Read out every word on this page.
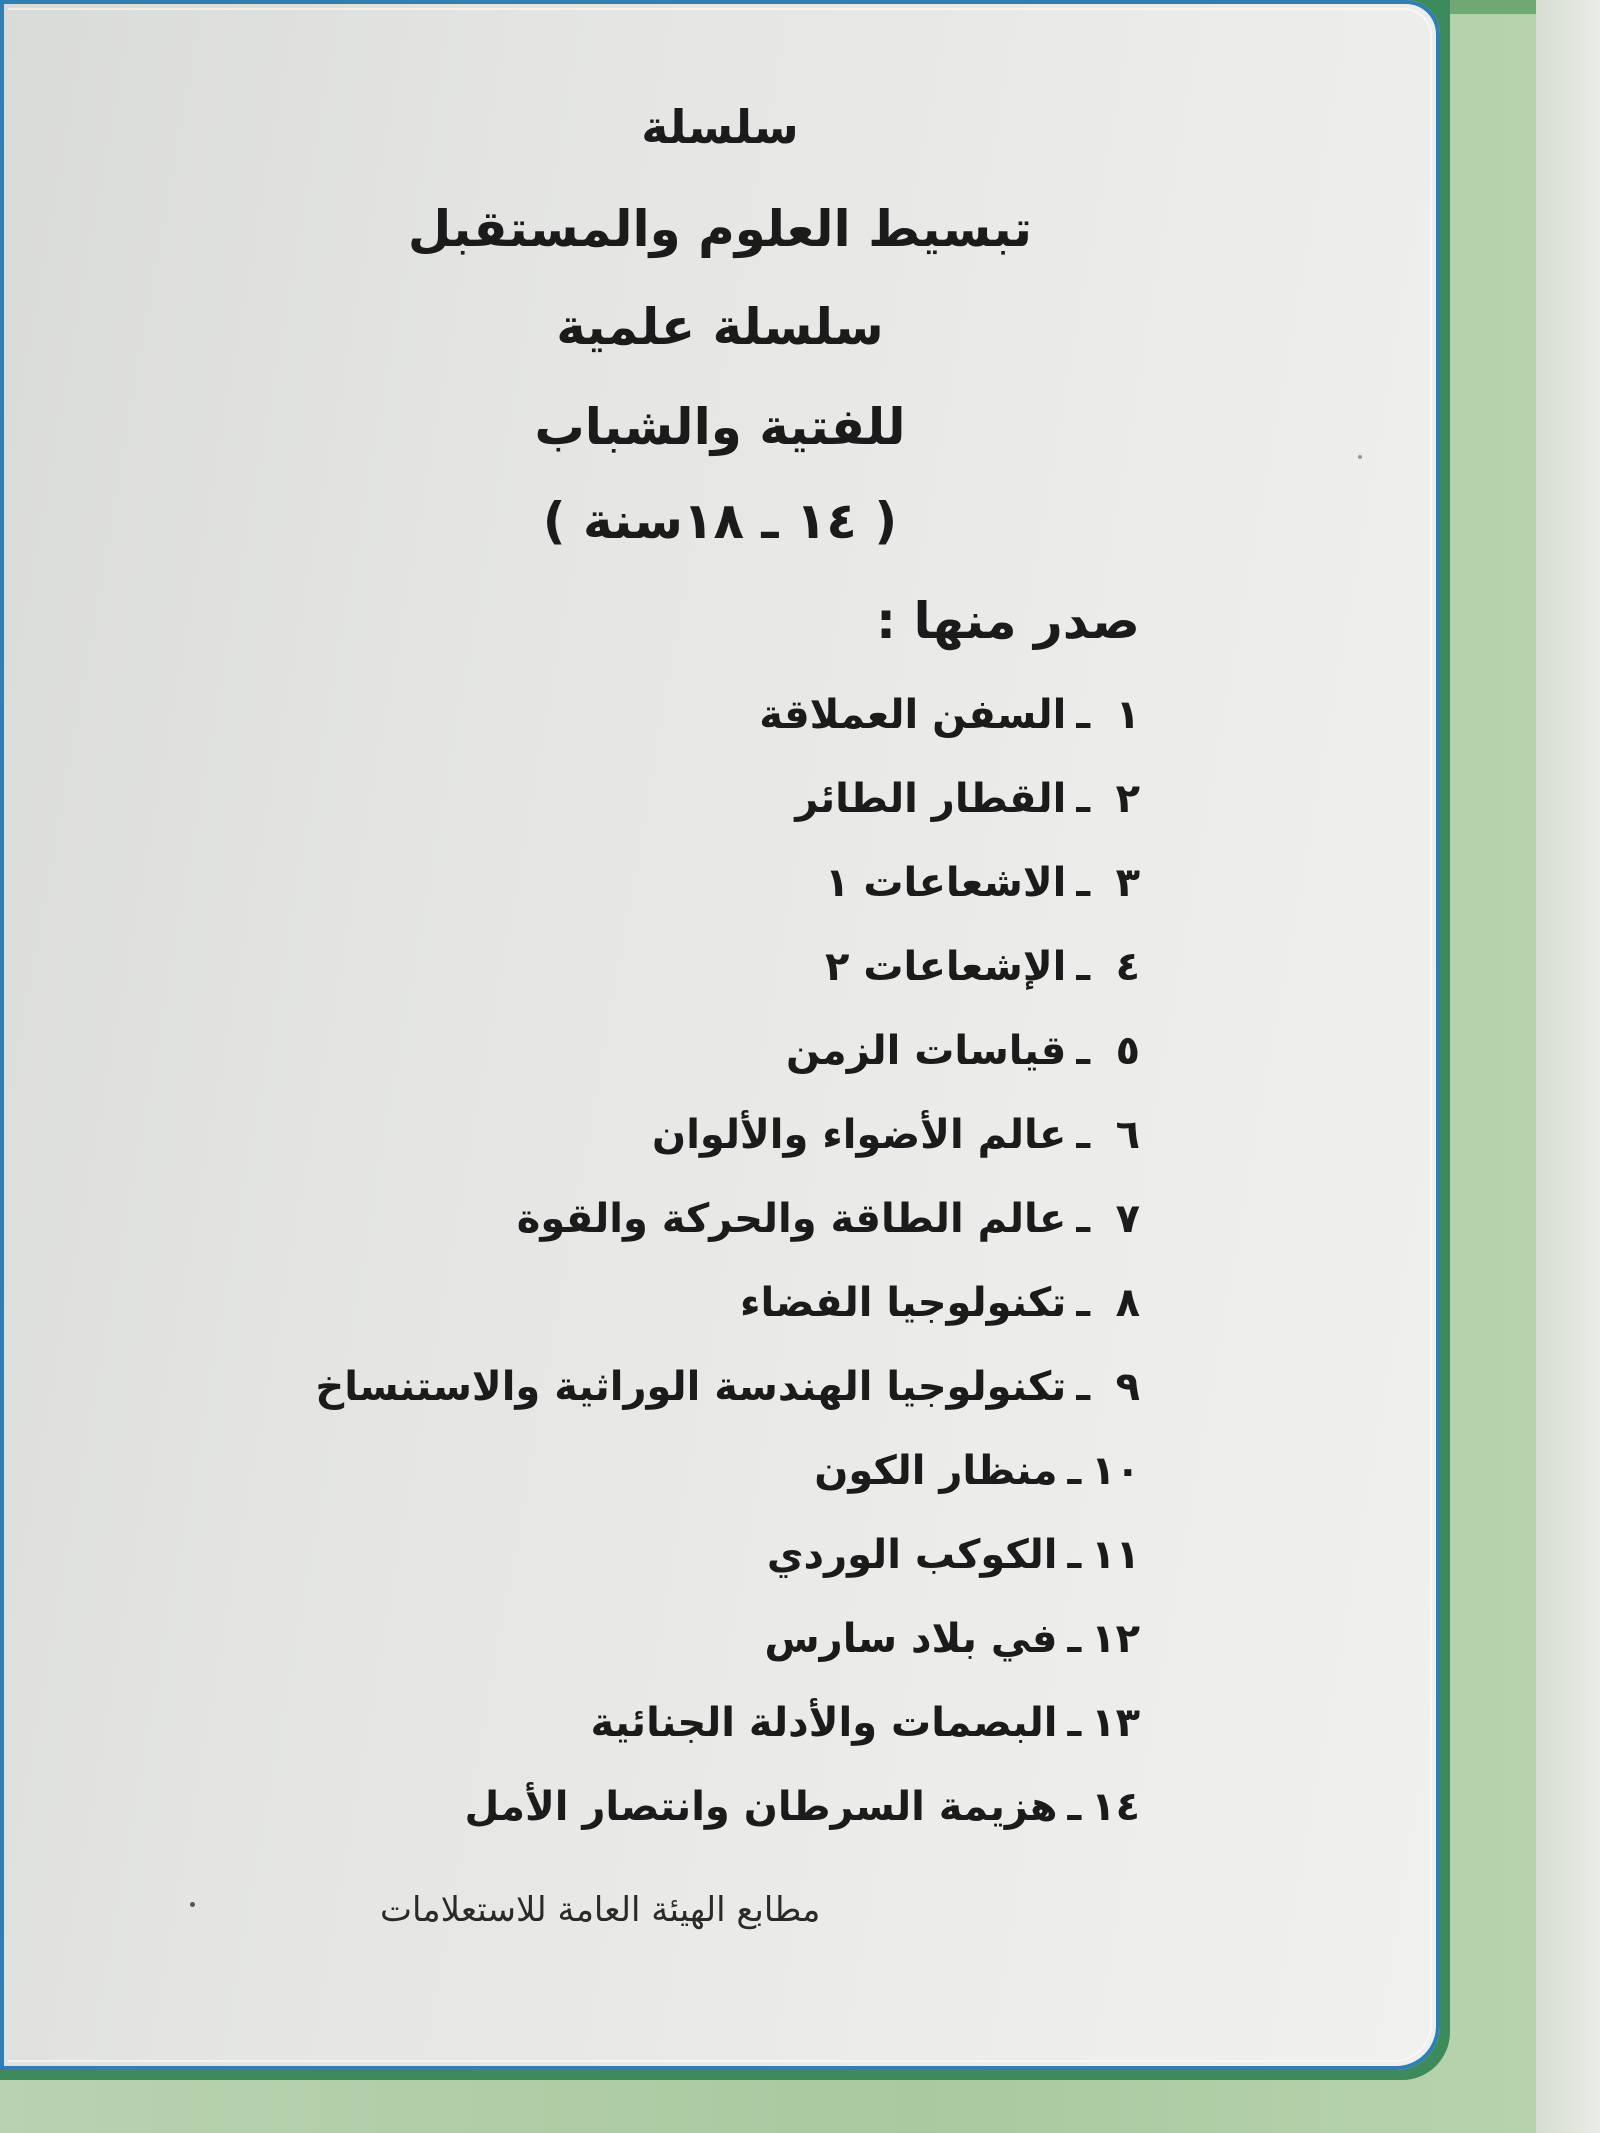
سلسلة
تبسيط العلوم والمستقبل
سلسلة علمية
للفتية والشباب
( ١٤ ـ ١٨سنة )
صدر منها :
١ـالسفن العملاقة
٢ـالقطار الطائر
٣ـالاشعاعات ١
٤ـالإشعاعات ٢
٥ـقياسات الزمن
٦ـعالم الأضواء والألوان
٧ـعالم الطاقة والحركة والقوة
٨ـتكنولوجيا الفضاء
٩ـتكنولوجيا الهندسة الوراثية والاستنساخ
١٠ـمنظار الكون
١١ـالكوكب الوردي
١٢ـفي بلاد سارس
١٣ـالبصمات والأدلة الجنائية
١٤ـهزيمة السرطان وانتصار الأمل
مطابع الهيئة العامة للاستعلامات
